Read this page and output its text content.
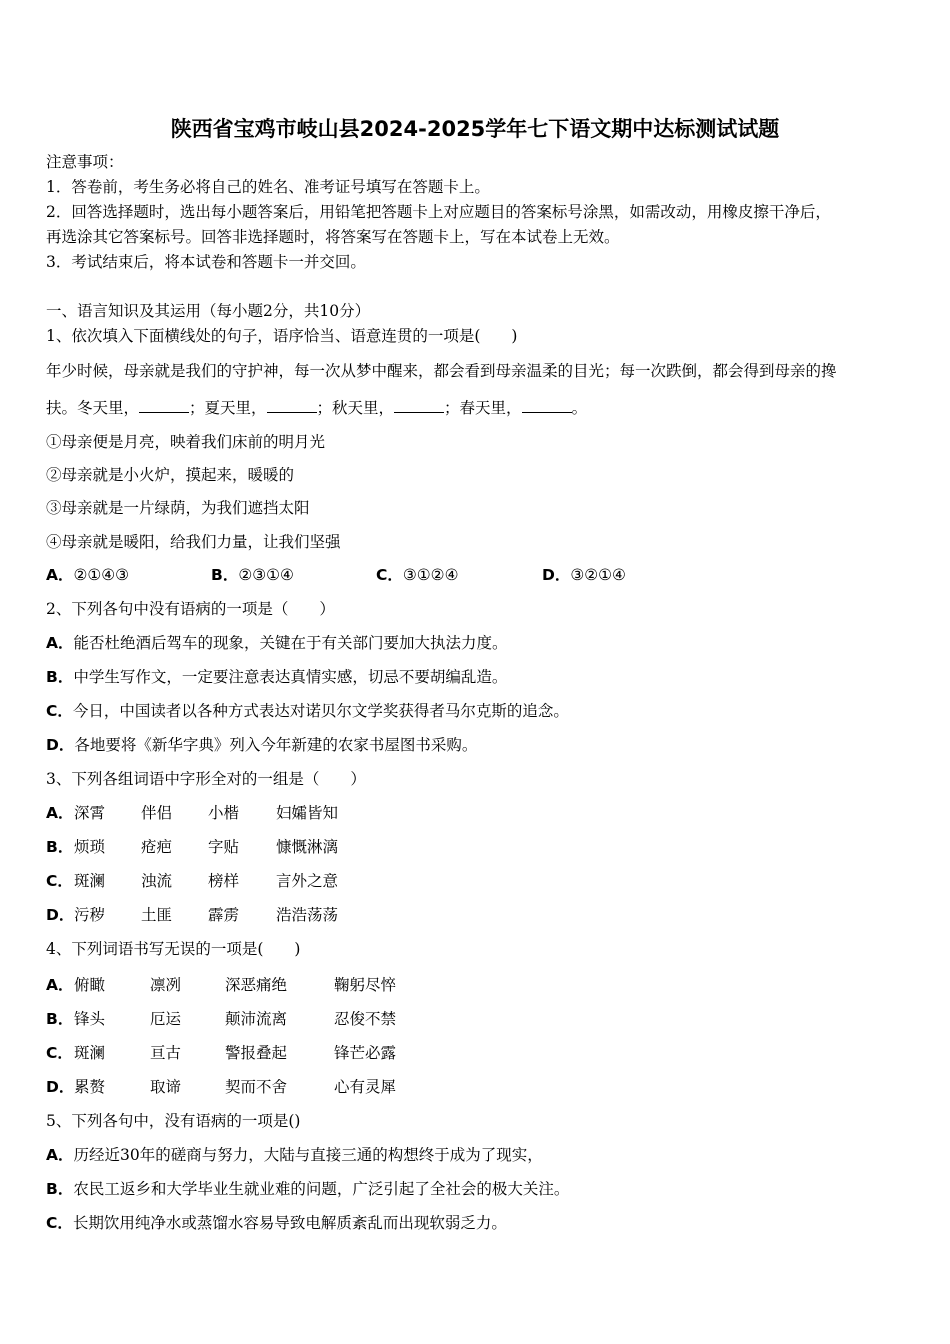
陕西省宝鸡市岐山县2024-2025学年七下语文期中达标测试试题
注意事项：
1．答卷前，考生务必将自己的姓名、准考证号填写在答题卡上。
2．回答选择题时，选出每小题答案后，用铅笔把答题卡上对应题目的答案标号涂黑，如需改动，用橡皮擦干净后，
再选涂其它答案标号。回答非选择题时，将答案写在答题卡上，写在本试卷上无效。
3．考试结束后，将本试卷和答题卡一并交回。
一、语言知识及其运用（每小题2分，共10分）
1、依次填入下面横线处的句子，语序恰当、语意连贯的一项是(　　)
年少时候，母亲就是我们的守护神，每一次从梦中醒来，都会看到母亲温柔的目光；每一次跌倒，都会得到母亲的搀
扶。冬天里，	；夏天里，	；秋天里，	；春天里，	。
①母亲便是月亮，映着我们床前的明月光
②母亲就是小火炉，摸起来，暖暖的
③母亲就是一片绿荫，为我们遮挡太阳
④母亲就是暖阳，给我们力量，让我们坚强
A．②①④③	B．②③①④	C．③①②④	D．③②①④
2、下列各句中没有语病的一项是（　　）
A．能否杜绝酒后驾车的现象，关键在于有关部门要加大执法力度。
B．中学生写作文，一定要注意表达真情实感，切忌不要胡编乱造。
C．今日，中国读者以各种方式表达对诺贝尔文学奖获得者马尔克斯的追念。
D．各地要将《新华字典》列入今年新建的农家书屋图书采购。
3、下列各组词语中字形全对的一组是（　　）
A． 深霄 伴侣 小楷 妇孀皆知
B． 烦琐 疮疤 字贴 慷慨淋漓
C． 斑澜 浊流 榜样 言外之意
D． 污秽 土匪 霹雳 浩浩荡荡
4、下列词语书写无误的一项是(　　)
A． 俯瞰	凛冽	深恶痛绝	鞠躬尽悴
B． 锋头	厄运	颠沛流离	忍俊不禁
C． 斑澜	亘古	警报叠起	锋芒必露
D． 累赘	取谛	契而不舍	心有灵犀
5、下列各句中，没有语病的一项是()
A．历经近30年的磋商与努力，大陆与直接三通的构想终于成为了现实，
B．农民工返乡和大学毕业生就业难的问题，广泛引起了全社会的极大关注。
C．长期饮用纯净水或蒸馏水容易导致电解质紊乱而出现软弱乏力。
